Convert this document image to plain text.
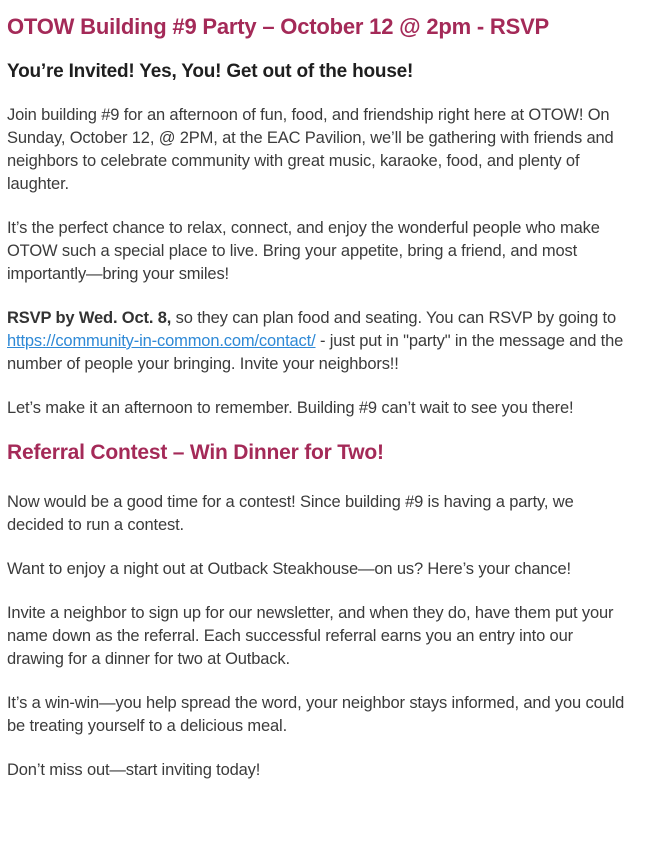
OTOW Building #9 Party – October 12 @ 2pm - RSVP
You’re Invited! Yes, You! Get out of the house!

Join building #9 for an afternoon of fun, food, and friendship right here at OTOW! On Sunday, October 12, @ 2PM, at the EAC Pavilion, we’ll be gathering with friends and neighbors to celebrate community with great music, karaoke, food, and plenty of laughter.

It’s the perfect chance to relax, connect, and enjoy the wonderful people who make OTOW such a special place to live. Bring your appetite, bring a friend, and most importantly—bring your smiles!

RSVP by Wed. Oct. 8, so they can plan food and seating. You can RSVP by going to https://community-in-common.com/contact/ - just put in "party" in the message and the number of people your bringing. Invite your neighbors!!

Let’s make it an afternoon to remember. Building #9 can’t wait to see you there!

Referral Contest – Win Dinner for Two!

Now would be a good time for a contest! Since building #9 is having a party, we decided to run a contest.

Want to enjoy a night out at Outback Steakhouse—on us? Here’s your chance!

Invite a neighbor to sign up for our newsletter, and when they do, have them put your name down as the referral. Each successful referral earns you an entry into our drawing for a dinner for two at Outback.

It’s a win-win—you help spread the word, your neighbor stays informed, and you could be treating yourself to a delicious meal.

Don’t miss out—start inviting today!
